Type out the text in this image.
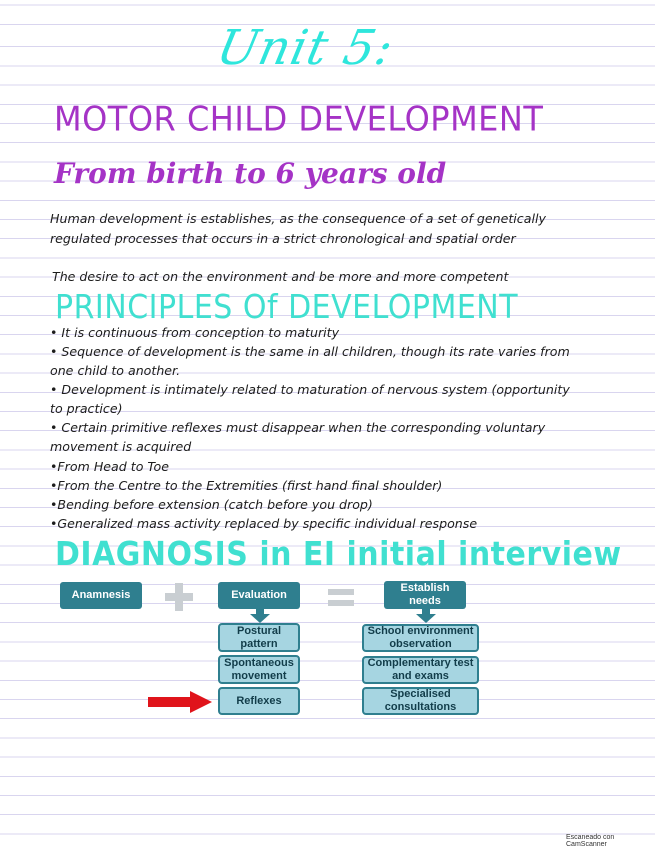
Unit 5:
MOTOR CHILD DEVELOPMENT
From birth to 6 years old
Human development is establishes, as the consequence of a set of genetically
regulated processes that occurs in a strict chronological and spatial order
The desire to act on the environment and be more and more competent
PRINCIPLES Of DEVELOPMENT
• It is continuous from conception to maturity
• Sequence of development is the same in all children, though its rate varies from
one child to another.
• Development is intimately related to maturation of nervous system (opportunity
to practice)
• Certain primitive reflexes must disappear when the corresponding voluntary
movement is acquired
•From Head to Toe
•From the Centre to the Extremities (first hand final shoulder)
•Bending before extension (catch before you drop)
•Generalized mass activity replaced by specific individual response
DIAGNOSIS in EI initial interview
Anamnesis	Evaluation
Establish needs
Postural pattern
Spontaneous movement
Reflexes
School environment observation
Complementary test and exams
Specialised consultations
Escaneado con CamScanner
